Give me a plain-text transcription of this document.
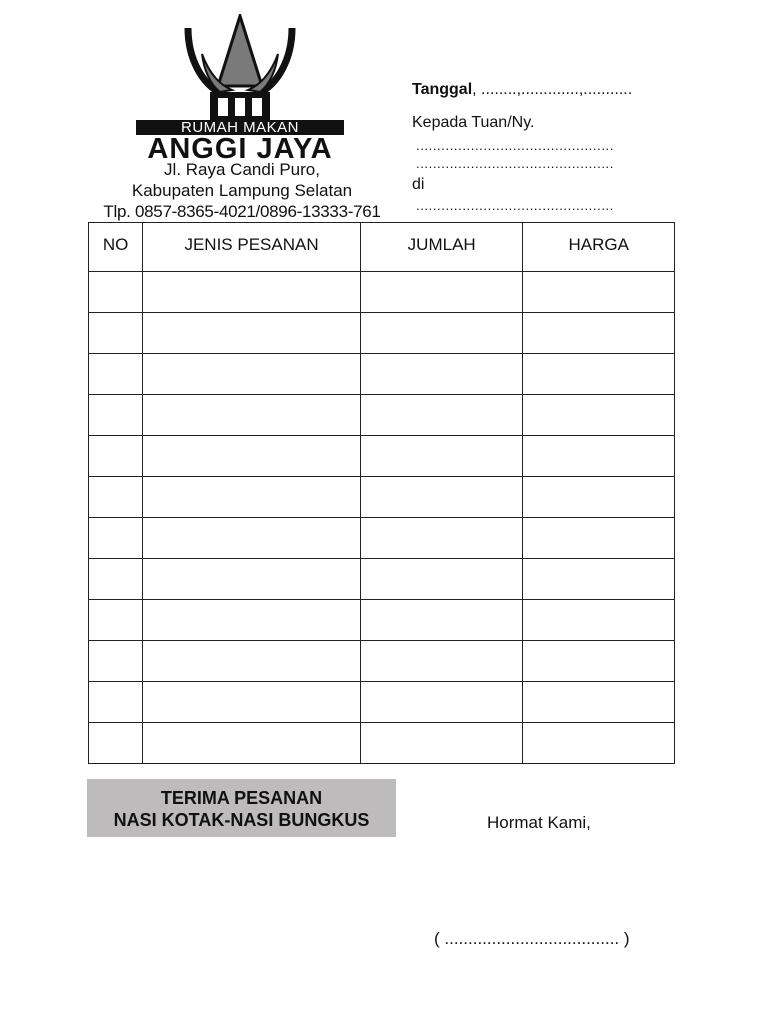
RUMAH MAKAN
ANGGI JAYA
Jl. Raya Candi Puro,
Kabupaten Lampung Selatan
Tlp. 0857-8365-4021/0896-13333-761
Tanggal, ........,.............,...........
Kepada Tuan/Ny.
...............................................
...............................................
di
...............................................
NO	JENIS PESANAN	JUMLAH	HARGA

TERIMA PESANAN
NASI KOTAK-NASI BUNGKUS	Hormat Kami,
( ..................................... )
